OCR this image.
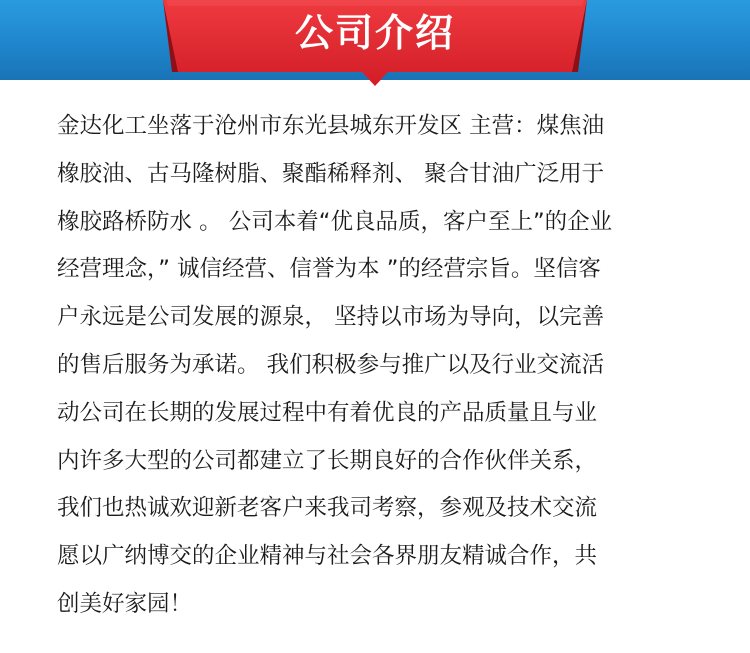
公司介绍
金达化工坐落于沧州市东光县城东开发区 主营：煤焦油
橡胶油、古马隆树脂、聚酯稀释剂、 聚合甘油广泛用于
橡胶路桥防水 。 公司本着“优良品质，客户至上”的企业
经营理念，” 诚信经营、信誉为本 ”的经营宗旨。坚信客
户永远是公司发展的源泉， 坚持以市场为导向，以完善
的售后服务为承诺。 我们积极参与推广以及行业交流活
动公司在长期的发展过程中有着优良的产品质量且与业
内许多大型的公司都建立了长期良好的合作伙伴关系，
我们也热诚欢迎新老客户来我司考察，参观及技术交流
愿以广纳博交的企业精神与社会各界朋友精诚合作，共
创美好家园！
